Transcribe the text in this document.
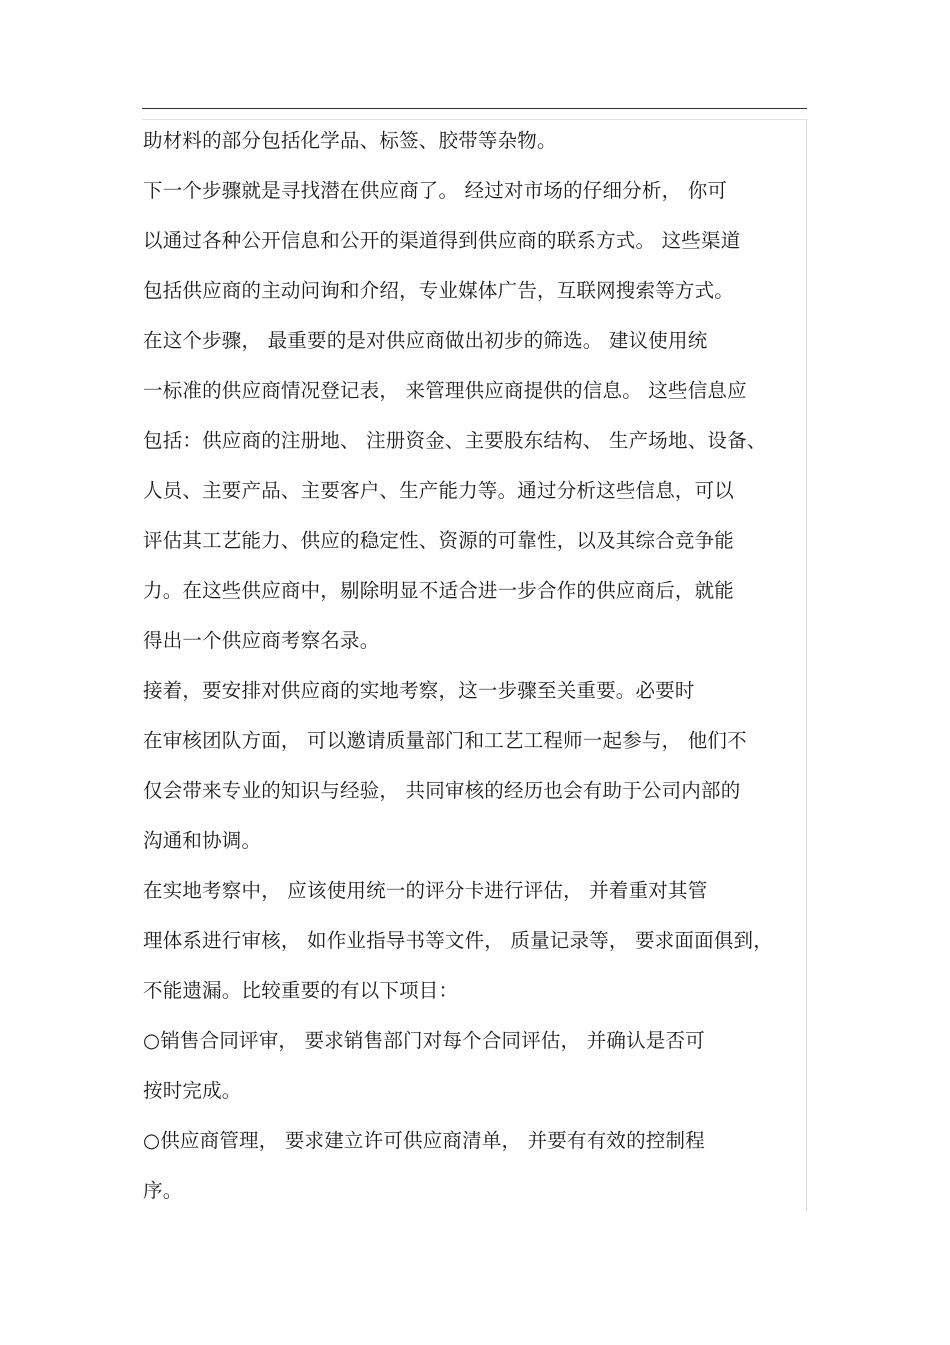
助材料的部分包括化学品、标签、胶带等杂物。
下一个步骤就是寻找潜在供应商了。 经过对市场的仔细分析， 你可
以通过各种公开信息和公开的渠道得到供应商的联系方式。 这些渠道
包括供应商的主动问询和介绍，专业媒体广告，互联网搜索等方式。
在这个步骤， 最重要的是对供应商做出初步的筛选。 建议使用统
一标准的供应商情况登记表， 来管理供应商提供的信息。 这些信息应
包括：供应商的注册地、 注册资金、主要股东结构、 生产场地、设备、
人员、主要产品、主要客户、生产能力等。通过分析这些信息，可以
评估其工艺能力、供应的稳定性、资源的可靠性，以及其综合竞争能
力。在这些供应商中，剔除明显不适合进一步合作的供应商后，就能
得出一个供应商考察名录。
接着，要安排对供应商的实地考察，这一步骤至关重要。必要时
在审核团队方面， 可以邀请质量部门和工艺工程师一起参与， 他们不
仅会带来专业的知识与经验， 共同审核的经历也会有助于公司内部的
沟通和协调。
在实地考察中， 应该使用统一的评分卡进行评估， 并着重对其管
理体系进行审核， 如作业指导书等文件， 质量记录等， 要求面面俱到，
不能遗漏。比较重要的有以下项目：
○销售合同评审， 要求销售部门对每个合同评估， 并确认是否可
按时完成。
○供应商管理， 要求建立许可供应商清单， 并要有有效的控制程
序。
